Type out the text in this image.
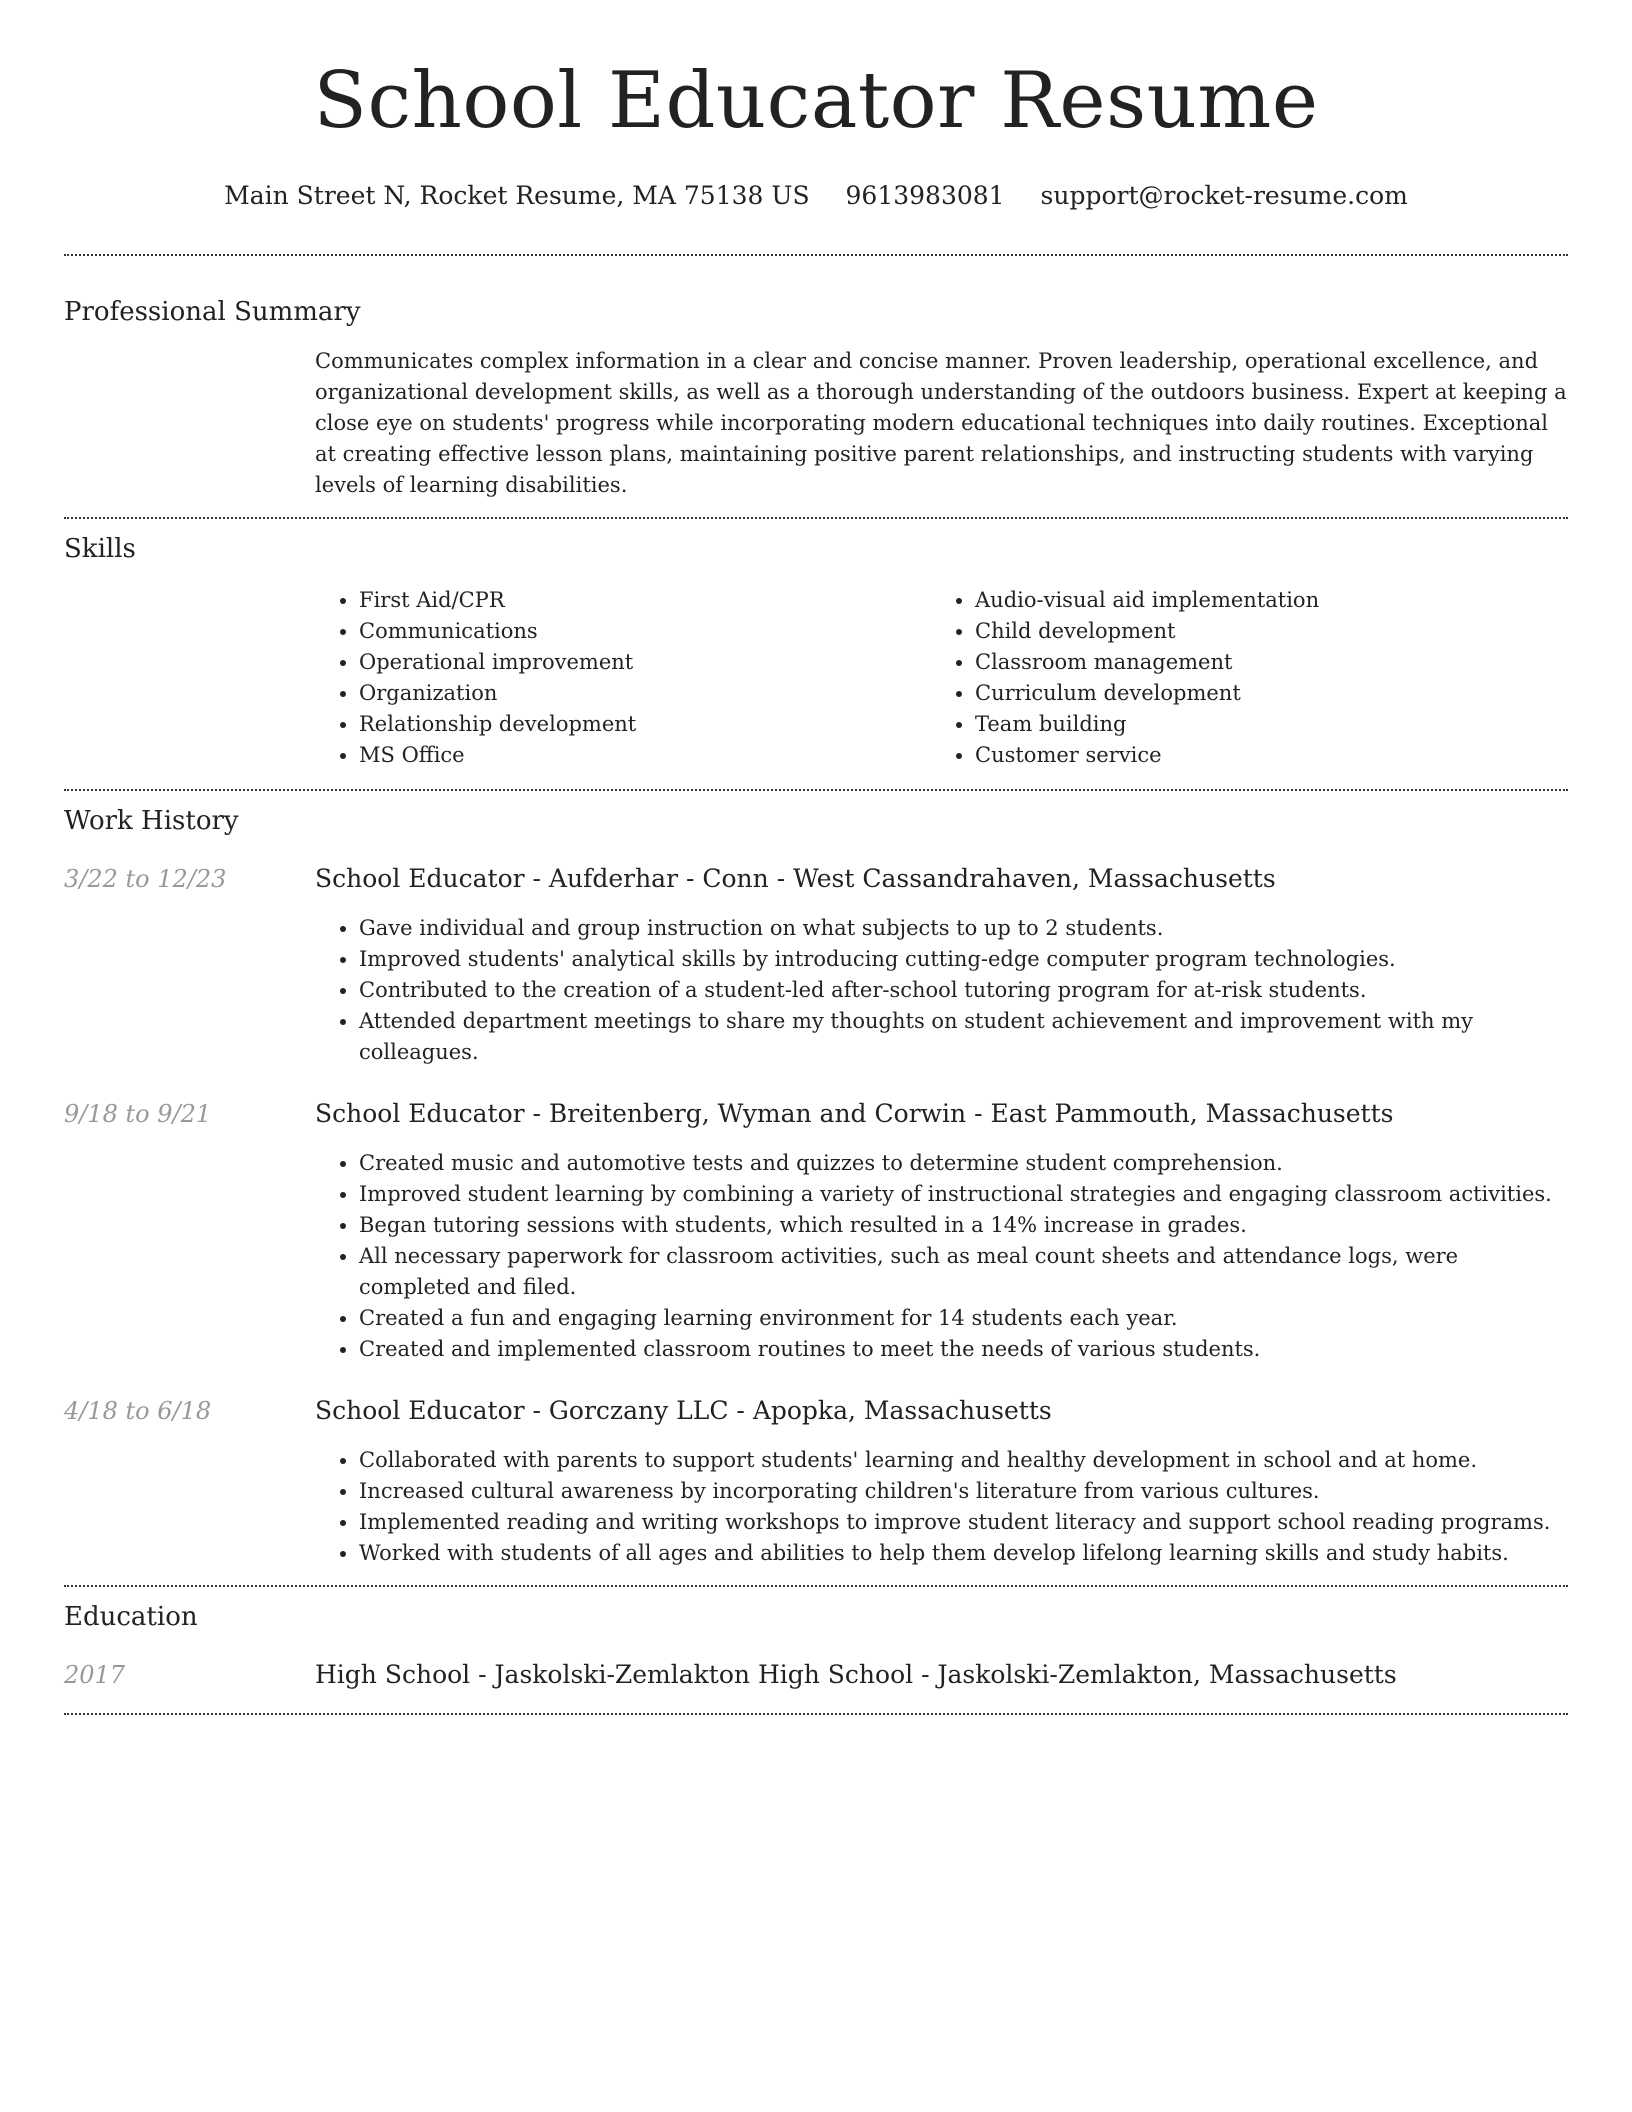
School Educator Resume
Main Street N, Rocket Resume, MA 75138 US 9613983081 support@rocket-resume.com
Professional Summary
Communicates complex information in a clear and concise manner. Proven leadership, operational excellence, and organizational development skills, as well as a thorough understanding of the outdoors business. Expert at keeping a close eye on students' progress while incorporating modern educational techniques into daily routines. Exceptional at creating effective lesson plans, maintaining positive parent relationships, and instructing students with varying levels of learning disabilities.
Skills
• First Aid/CPR
• Communications
• Operational improvement
• Organization
• Relationship development
• MS Office
• Audio-visual aid implementation
• Child development
• Classroom management
• Curriculum development
• Team building
• Customer service
Work History
3/22 to 12/23	School Educator - Aufderhar - Conn - West Cassandrahaven, Massachusetts
• Gave individual and group instruction on what subjects to up to 2 students.
• Improved students' analytical skills by introducing cutting-edge computer program technologies.
• Contributed to the creation of a student-led after-school tutoring program for at-risk students.
• Attended department meetings to share my thoughts on student achievement and improvement with my colleagues.
9/18 to 9/21	School Educator - Breitenberg, Wyman and Corwin - East Pammouth, Massachusetts
• Created music and automotive tests and quizzes to determine student comprehension.
• Improved student learning by combining a variety of instructional strategies and engaging classroom activities.
• Began tutoring sessions with students, which resulted in a 14% increase in grades.
• All necessary paperwork for classroom activities, such as meal count sheets and attendance logs, were completed and filed.
• Created a fun and engaging learning environment for 14 students each year.
• Created and implemented classroom routines to meet the needs of various students.
4/18 to 6/18	School Educator - Gorczany LLC - Apopka, Massachusetts
• Collaborated with parents to support students' learning and healthy development in school and at home.
• Increased cultural awareness by incorporating children's literature from various cultures.
• Implemented reading and writing workshops to improve student literacy and support school reading programs.
• Worked with students of all ages and abilities to help them develop lifelong learning skills and study habits.
Education
2017	High School - Jaskolski-Zemlakton High School - Jaskolski-Zemlakton, Massachusetts
